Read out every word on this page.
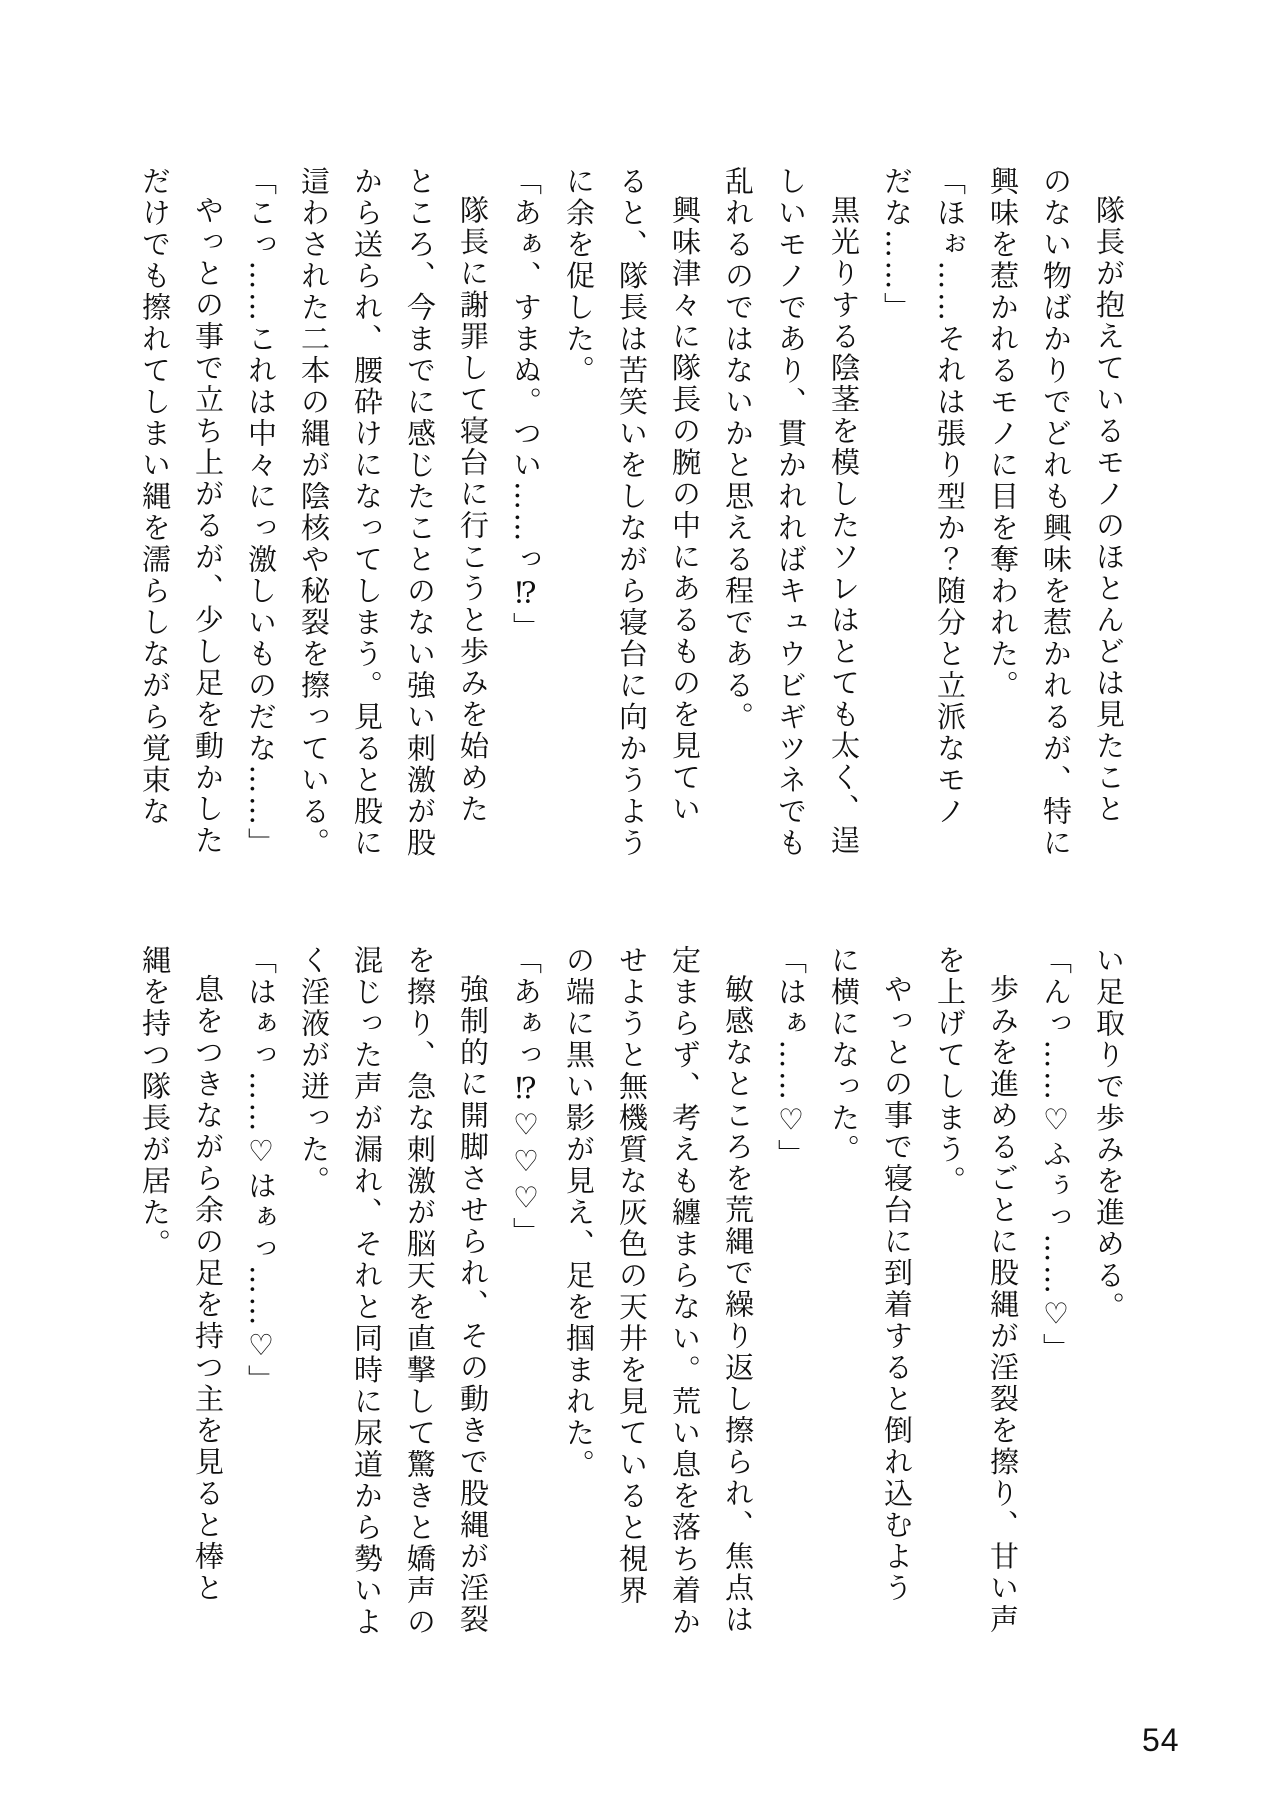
隊長が抱えているモノのほとんどは見たこと

のない物ばかりでどれも興味を惹かれるが、特に

興味を惹かれるモノに目を奪われた。

「ほぉ……それは張り型か？随分と立派なモノ

だな……」

黒光りする陰茎を模したソレはとても太く、逞

しいモノであり、貫かれればキュウビギツネでも

乱れるのではないかと思える程である。

興味津々に隊長の腕の中にあるものを見てい

ると、隊長は苦笑いをしながら寝台に向かうよう

に余を促した。

「あぁ、すまぬ。つい……っ⁉」

隊長に謝罪して寝台に行こうと歩みを始めた

ところ、今までに感じたことのない強い刺激が股

から送られ、腰砕けになってしまう。見ると股に

這わされた二本の縄が陰核や秘裂を擦っている。

「こっ……これは中々にっ激しいものだな……」

やっとの事で立ち上がるが、少し足を動かした

だけでも擦れてしまい縄を濡らしながら覚束な

い足取りで歩みを進める。

「んっ……♡ふぅっ……♡」

歩みを進めるごとに股縄が淫裂を擦り、甘い声

を上げてしまう。

やっとの事で寝台に到着すると倒れ込むよう

に横になった。

「はぁ……♡」

敏感なところを荒縄で繰り返し擦られ、焦点は

定まらず、考えも纏まらない。荒い息を落ち着か

せようと無機質な灰色の天井を見ていると視界

の端に黒い影が見え、足を掴まれた。

「あぁっ⁉♡♡♡」

強制的に開脚させられ、その動きで股縄が淫裂

を擦り、急な刺激が脳天を直撃して驚きと嬌声の

混じった声が漏れ、それと同時に尿道から勢いよ

く淫液が迸った。

「はぁっ……♡はぁっ……♡」

息をつきながら余の足を持つ主を見ると棒と

縄を持つ隊長が居た。

54
